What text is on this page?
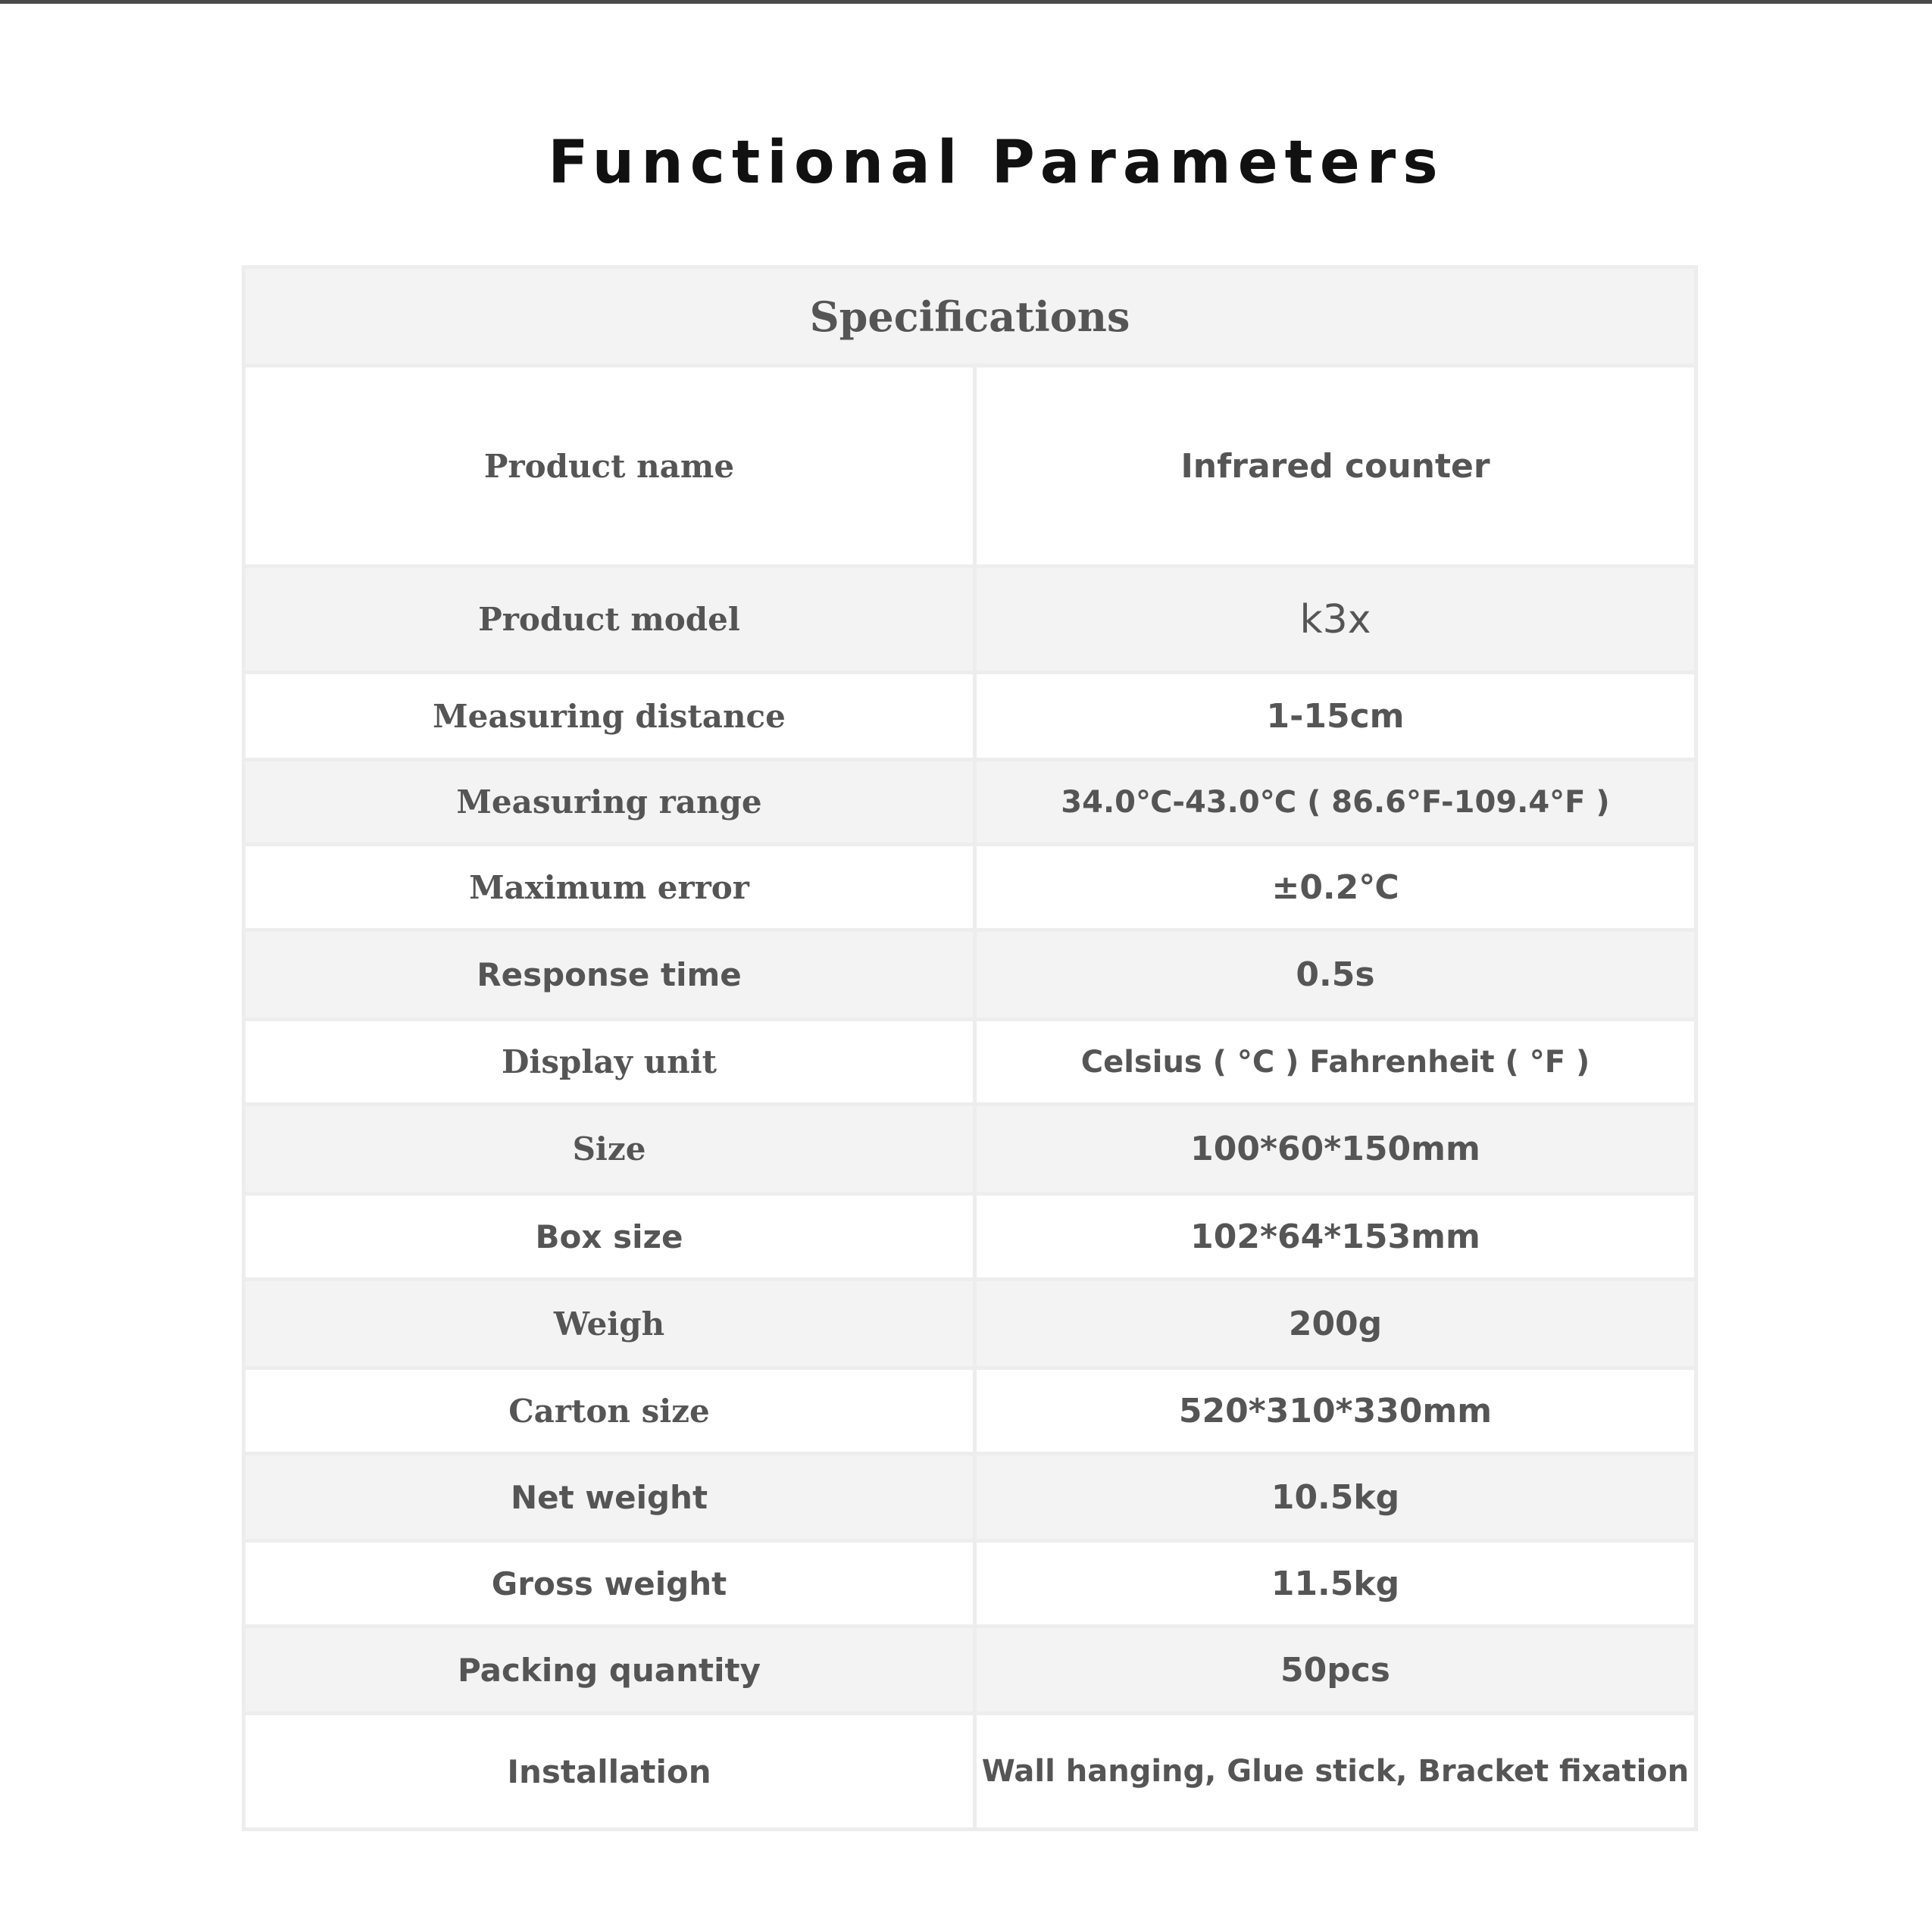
Functional Parameters
Specifications
Product name	Infrared counter
Product model	k3x
Measuring distance	1-15cm
Measuring range	34.0℃-43.0℃ ( 86.6°F-109.4°F )
Maximum error	±0.2℃
Response time	0.5s
Display unit	Celsius ( °C ) Fahrenheit ( °F )
Size	100*60*150mm
Box size	102*64*153mm
Weigh	200g
Carton size	520*310*330mm
Net weight	10.5kg
Gross weight	11.5kg
Packing quantity	50pcs
Installation	Wall hanging, Glue stick, Bracket fixation
